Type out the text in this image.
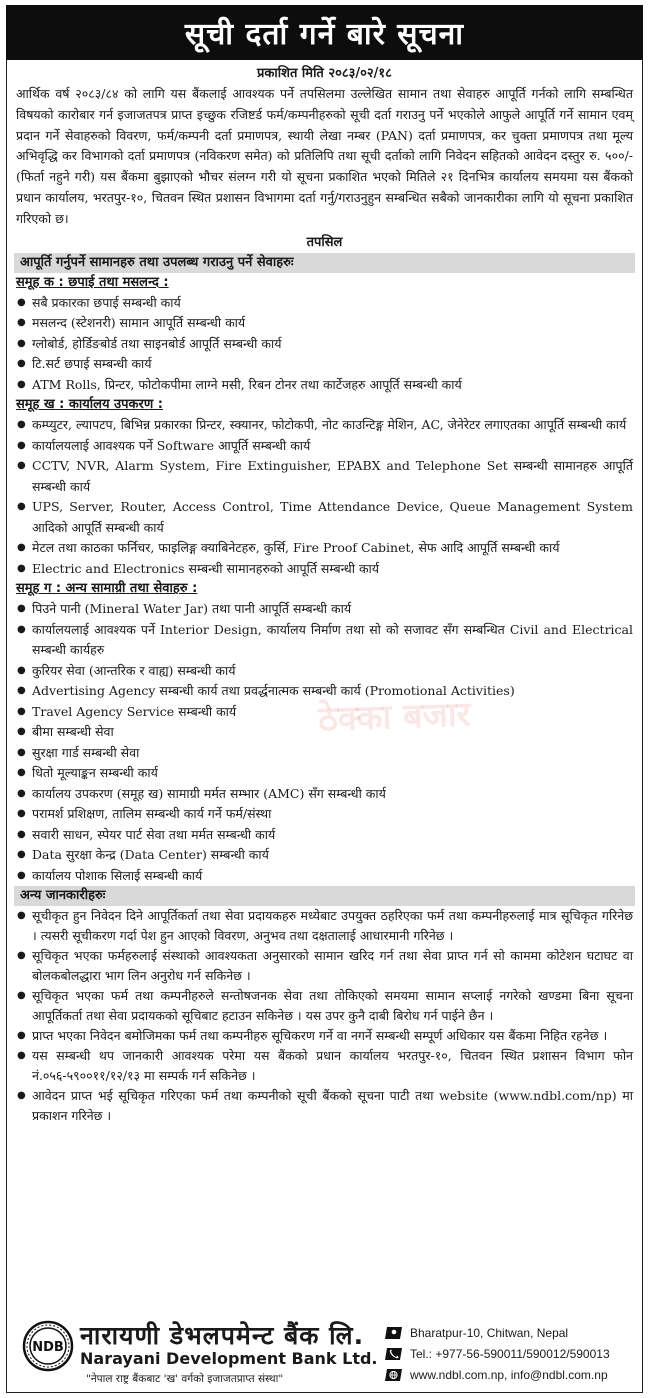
सूची दर्ता गर्ने बारे सूचना
प्रकाशित मिति २०८३/०२/१८

आर्थिक वर्ष २०८३/८४ को लागि यस बैंकलाई आवश्यक पर्ने तपसिलमा उल्लेखित सामान तथा सेवाहरु आपूर्ति गर्नको लागि सम्बन्धित विषयको कारोबार गर्न इजाजतपत्र प्राप्त इच्छुक रजिष्टर्ड फर्म/कम्पनीहरुको सूची दर्ता गराउनु पर्ने भएकोले आफुले आपूर्ति गर्ने सामान एवम् प्रदान गर्ने सेवाहरुको विवरण, फर्म/कम्पनी दर्ता प्रमाणपत्र, स्थायी लेखा नम्बर (PAN) दर्ता प्रमाणपत्र, कर चुक्ता प्रमाणपत्र तथा मूल्य अभिवृद्धि कर विभागको दर्ता प्रमाणपत्र (नविकरण समेत) को प्रतिलिपि तथा सूची दर्ताको लागि निवेदन सहितको आवेदन दस्तुर रु. ५००/- (फिर्ता नहुने गरी) यस बैंकमा बुझाएको भौचर संलग्न गरी यो सूचना प्रकाशित भएको मितिले २१ दिनभित्र कार्यालय समयमा यस बैंकको प्रधान कार्यालय, भरतपुर-१०, चितवन स्थित प्रशासन विभागमा दर्ता गर्नु/गराउनुहुन सम्बन्धित सबैको जानकारीका लागि यो सूचना प्रकाशित गरिएको छ।

तपसिल
आपूर्ति गर्नुपर्ने सामानहरु तथा उपलब्ध गराउनु पर्ने सेवाहरुः
समूह क : छपाई तथा मसलन्द :
● सबै प्रकारका छपाई सम्बन्धी कार्य
● मसलन्द (स्टेशनरी) सामान आपूर्ति सम्बन्धी कार्य
● ग्लोबोर्ड, होर्डिङबोर्ड तथा साइनबोर्ड आपूर्ति सम्बन्धी कार्य
● टि.सर्ट छपाई सम्बन्धी कार्य
● ATM Rolls, प्रिन्टर, फोटोकपीमा लाग्ने मसी, रिबन टोनर तथा कार्टेजहरु आपूर्ति सम्बन्धी कार्य
समूह ख : कार्यालय उपकरण :
● कम्प्युटर, ल्यापटप, बिभिन्न प्रकारका प्रिन्टर, स्क्यानर, फोटोकपी, नोट काउन्टिङ्ग मेशिन, AC, जेनेरेटर लगाएतका आपूर्ति सम्बन्धी कार्य
● कार्यालयलाई आवश्यक पर्ने Software आपूर्ति सम्बन्धी कार्य
● CCTV, NVR, Alarm System, Fire Extinguisher, EPABX and Telephone Set सम्बन्धी सामानहरु आपूर्ति सम्बन्धी कार्य
● UPS, Server, Router, Access Control, Time Attendance Device, Queue Management System आदिको आपूर्ति सम्बन्धी कार्य
● मेटल तथा काठका फर्निचर, फाइलिङ्ग क्याबिनेटहरु, कुर्सि, Fire Proof Cabinet, सेफ आदि आपूर्ति सम्बन्धी कार्य
● Electric and Electronics सम्बन्धी सामानहरुको आपूर्ति सम्बन्धी कार्य
समूह ग : अन्य सामाग्री तथा सेवाहरु :
● पिउने पानी (Mineral Water Jar) तथा पानी आपूर्ति सम्बन्धी कार्य
● कार्यालयलाई आवश्यक पर्ने Interior Design, कार्यालय निर्माण तथा सो को सजावट सँग सम्बन्धित Civil and Electrical सम्बन्धी कार्यहरु
● कुरियर सेवा (आन्तरिक र वाह्य) सम्बन्धी कार्य
● Advertising Agency सम्बन्धी कार्य तथा प्रवर्द्धनात्मक सम्बन्धी कार्य (Promotional Activities)
● Travel Agency Service सम्बन्धी कार्य
● बीमा सम्बन्धी सेवा
● सुरक्षा गार्ड सम्बन्धी सेवा
● धितो मूल्याङ्कन सम्बन्धी कार्य
● कार्यालय उपकरण (समूह ख) सामाग्री मर्मत सम्भार (AMC) सँग सम्बन्धी कार्य
● परामर्श प्रशिक्षण, तालिम सम्बन्धी कार्य गर्ने फर्म/संस्था
● सवारी साधन, स्पेयर पार्ट सेवा तथा मर्मत सम्बन्धी कार्य
● Data सुरक्षा केन्द्र (Data Center) सम्बन्धी कार्य
● कार्यालय पोशाक सिलाई सम्बन्धी कार्य
अन्य जानकारीहरुः
● सूचीकृत हुन निवेदन दिने आपूर्तिकर्ता तथा सेवा प्रदायकहरु मध्येबाट उपयुक्त ठहरिएका फर्म तथा कम्पनीहरुलाई मात्र सूचिकृत गरिनेछ । त्यसरी सूचीकरण गर्दा पेश हुन आएको विवरण, अनुभव तथा दक्षतालाई आधारमानी गरिनेछ ।
● सूचिकृत भएका फर्महरुलाई संस्थाको आवश्यकता अनुसारको सामान खरिद गर्न तथा सेवा प्राप्त गर्न सो काममा कोटेशन घटाघट वा बोलकबोलद्धारा भाग लिन अनुरोध गर्न सकिनेछ ।
● सूचिकृत भएका फर्म तथा कम्पनीहरुले सन्तोषजनक सेवा तथा तोकिएको समयमा सामान सप्लाई नगरेको खण्डमा बिना सूचना आपूर्तिकर्ता तथा सेवा प्रदायकको सूचिबाट हटाउन सकिनेछ । यस उपर कुनै दाबी बिरोध गर्न पाईने छैन ।
● प्राप्त भएका निवेदन बमोजिमका फर्म तथा कम्पनीहरु सूचिकरण गर्ने वा नगर्ने सम्बन्धी सम्पूर्ण अधिकार यस बैंकमा निहित रहनेछ ।
● यस सम्बन्धी थप जानकारी आवश्यक परेमा यस बैंकको प्रधान कार्यालय भरतपुर-१०, चितवन स्थित प्रशासन विभाग फोन नं.०५६-५९००११/१२/१३ मा सम्पर्क गर्न सकिनेछ ।
● आवेदन प्राप्त भई सूचिकृत गरिएका फर्म तथा कम्पनीको सूची बैंकको सूचना पाटी तथा website (www.ndbl.com/np) मा प्रकाशन गरिनेछ ।
ठेक्का बजार
NDB नारायणी डेभलपमेन्ट बैंक लि.
Narayani Development Bank Ltd.
"नेपाल राष्ट्र बैंकबाट 'ख' वर्गको इजाजतप्राप्त संस्था"
Bharatpur-10, Chitwan, Nepal
Tel.: +977-56-590011/590012/590013
www.ndbl.com.np, info@ndbl.com.np
